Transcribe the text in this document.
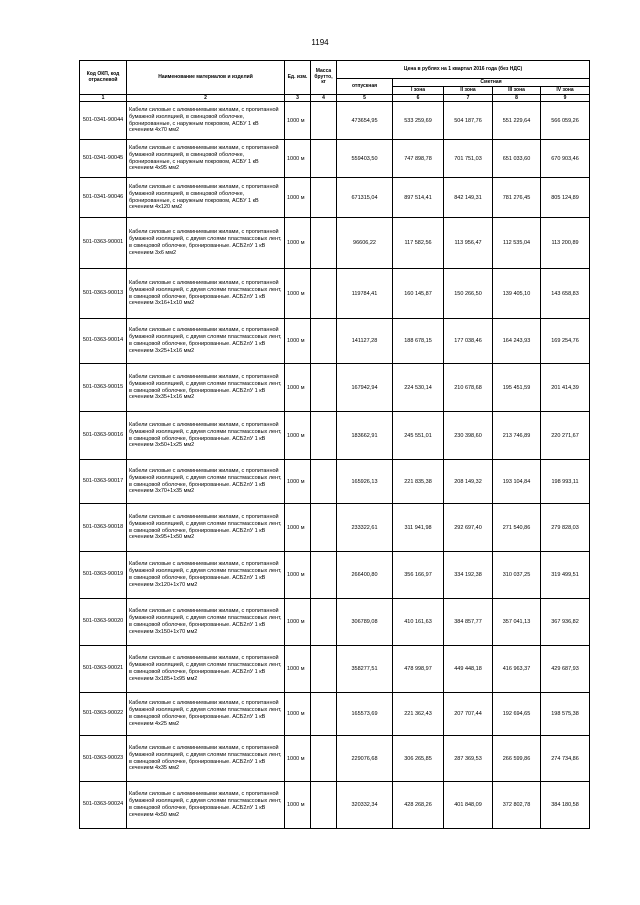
1194
Код ОКП, код отраслевой	Наименование материалов и изделий	Ед. изм.	Масса брутто, кг	Цена в рублях на 1 квартал 2016 года (без НДС)				
				отпускная	Сметная			
					I зона	II зона	III зона	IV зона
1	2	3	4	5	6	7	8	9
501-0341-90044	Кабели силовые с алюминиевыми жилами, с пропитанной бумажной изоляцией, в свинцовой оболочке, бронированные, с наружным покровом, АСБУ 1 кВ сечением 4х70 мм2	1000 м		473654,95	533 259,69	504 187,76	551 229,64	566 059,26
501-0341-90045	Кабели силовые с алюминиевыми жилами, с пропитанной бумажной изоляцией, в свинцовой оболочке, бронированные, с наружным покровом, АСБУ 1 кВ сечением 4х95 мм2	1000 м		559403,50	747 898,78	701 751,03	651 033,60	670 903,46
501-0341-90046	Кабели силовые с алюминиевыми жилами, с пропитанной бумажной изоляцией, в свинцовой оболочке, бронированные, с наружным покровом, АСБУ 1 кВ сечением 4х120 мм2	1000 м		671315,04	897 514,41	842 149,31	781 276,45	805 124,89
501-0363-90001	Кабели силовые с алюминиевыми жилами, с пропитанной бумажной изоляцией, с двумя слоями пластмассовых лент, в свинцовой оболочке, бронированные. АСБ2лУ 1 кВ сечением 3х6 мм2	1000 м		96606,22	117 582,56	113 956,47	112 535,04	113 200,89
501-0363-90013	Кабели силовые с алюминиевыми жилами, с пропитанной бумажной изоляцией, с двумя слоями пластмассовых лент, в свинцовой оболочке, бронированные. АСБ2лУ 1 кВ сечением 3х16+1х10 мм2	1000 м		119784,41	160 145,87	150 266,50	139 405,10	143 658,83
501-0363-90014	Кабели силовые с алюминиевыми жилами, с пропитанной бумажной изоляцией, с двумя слоями пластмассовых лент, в свинцовой оболочке, бронированные. АСБ2лУ 1 кВ сечением 3х25+1х16 мм2	1000 м		141127,28	188 678,15	177 038,46	164 243,93	169 254,76
501-0363-90015	Кабели силовые с алюминиевыми жилами, с пропитанной бумажной изоляцией, с двумя слоями пластмассовых лент, в свинцовой оболочке, бронированные. АСБ2лУ 1 кВ сечением 3х35+1х16 мм2	1000 м		167942,94	224 530,14	210 678,68	195 451,59	201 414,39
501-0363-90016	Кабели силовые с алюминиевыми жилами, с пропитанной бумажной изоляцией, с двумя слоями пластмассовых лент, в свинцовой оболочке, бронированные. АСБ2лУ 1 кВ сечением 3х50+1х25 мм2	1000 м		183662,91	245 551,01	230 398,60	213 746,89	220 271,67
501-0363-90017	Кабели силовые с алюминиевыми жилами, с пропитанной бумажной изоляцией, с двумя слоями пластмассовых лент, в свинцовой оболочке, бронированные. АСБ2лУ 1 кВ сечением 3х70+1х35 мм2	1000 м		165926,13	221 835,38	208 149,32	193 104,84	198 993,11
501-0363-90018	Кабели силовые с алюминиевыми жилами, с пропитанной бумажной изоляцией, с двумя слоями пластмассовых лент, в свинцовой оболочке, бронированные. АСБ2лУ 1 кВ сечением 3х95+1х50 мм2	1000 м		233322,61	311 941,98	292 697,40	271 540,86	279 828,03
501-0363-90019	Кабели силовые с алюминиевыми жилами, с пропитанной бумажной изоляцией, с двумя слоями пластмассовых лент, в свинцовой оболочке, бронированные. АСБ2лУ 1 кВ сечением 3х120+1х70 мм2	1000 м		266400,80	356 166,97	334 192,38	310 037,25	319 499,51
501-0363-90020	Кабели силовые с алюминиевыми жилами, с пропитанной бумажной изоляцией, с двумя слоями пластмассовых лент, в свинцовой оболочке, бронированные. АСБ2лУ 1 кВ сечением 3х150+1х70 мм2	1000 м		306789,08	410 161,63	384 857,77	357 041,13	367 936,82
501-0363-90021	Кабели силовые с алюминиевыми жилами, с пропитанной бумажной изоляцией, с двумя слоями пластмассовых лент, в свинцовой оболочке, бронированные. АСБ2лУ 1 кВ сечением 3х185+1х95 мм2	1000 м		358277,51	478 998,97	449 448,18	416 963,37	429 687,93
501-0363-90022	Кабели силовые с алюминиевыми жилами, с пропитанной бумажной изоляцией, с двумя слоями пластмассовых лент, в свинцовой оболочке, бронированные. АСБ2лУ 1 кВ сечением 4х25 мм2	1000 м		165573,69	221 362,43	207 707,44	192 694,65	198 575,38
501-0363-90023	Кабели силовые с алюминиевыми жилами, с пропитанной бумажной изоляцией, с двумя слоями пластмассовых лент, в свинцовой оболочке, бронированные. АСБ2лУ 1 кВ сечением 4х35 мм2	1000 м		229076,68	306 265,85	287 369,53	266 599,86	274 734,86
501-0363-90024	Кабели силовые с алюминиевыми жилами, с пропитанной бумажной изоляцией, с двумя слоями пластмассовых лент, в свинцовой оболочке, бронированные. АСБ2лУ 1 кВ сечением 4х50 мм2	1000 м		320332,34	428 268,26	401 848,09	372 802,78	384 180,58
